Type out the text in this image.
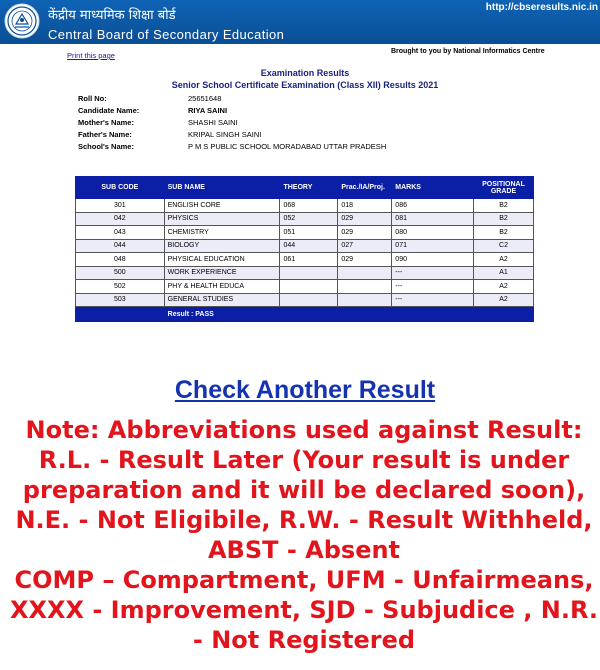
केंद्रीय माध्यमिक शिक्षा बोर्ड
Central Board of Secondary Education
http://cbseresults.nic.in
Print this page	Brought to you by National Informatics Centre
Examination Results
Senior School Certificate Examination (Class XII) Results 2021
Roll No:	25651648
Candidate Name:	RIYA SAINI
Mother's Name:	SHASHI SAINI
Father's Name:	KRIPAL SINGH SAINI
School's Name:	P M S PUBLIC SCHOOL MORADABAD UTTAR PRADESH
SUB CODE	SUB NAME	THEORY	Prac./IA/Proj.	MARKS	POSITIONAL GRADE
301	ENGLISH CORE	068	018	086	B2
042	PHYSICS	052	029	081	B2
043	CHEMISTRY	051	029	080	B2
044	BIOLOGY	044	027	071	C2
048	PHYSICAL EDUCATION	061	029	090	A2
500	WORK EXPERIENCE			---	A1
502	PHY & HEALTH EDUCA			---	A2
503	GENERAL STUDIES			---	A2
	Result : PASS				
Check Another Result
Note: Abbreviations used against Result: R.L. - Result Later (Your result is under preparation and it will be declared soon), N.E. - Not Eligibile, R.W. - Result Withheld, ABST - Absent
COMP – Compartment, UFM - Unfairmeans, XXXX - Improvement, SJD - Subjudice , N.R. - Not Registered
